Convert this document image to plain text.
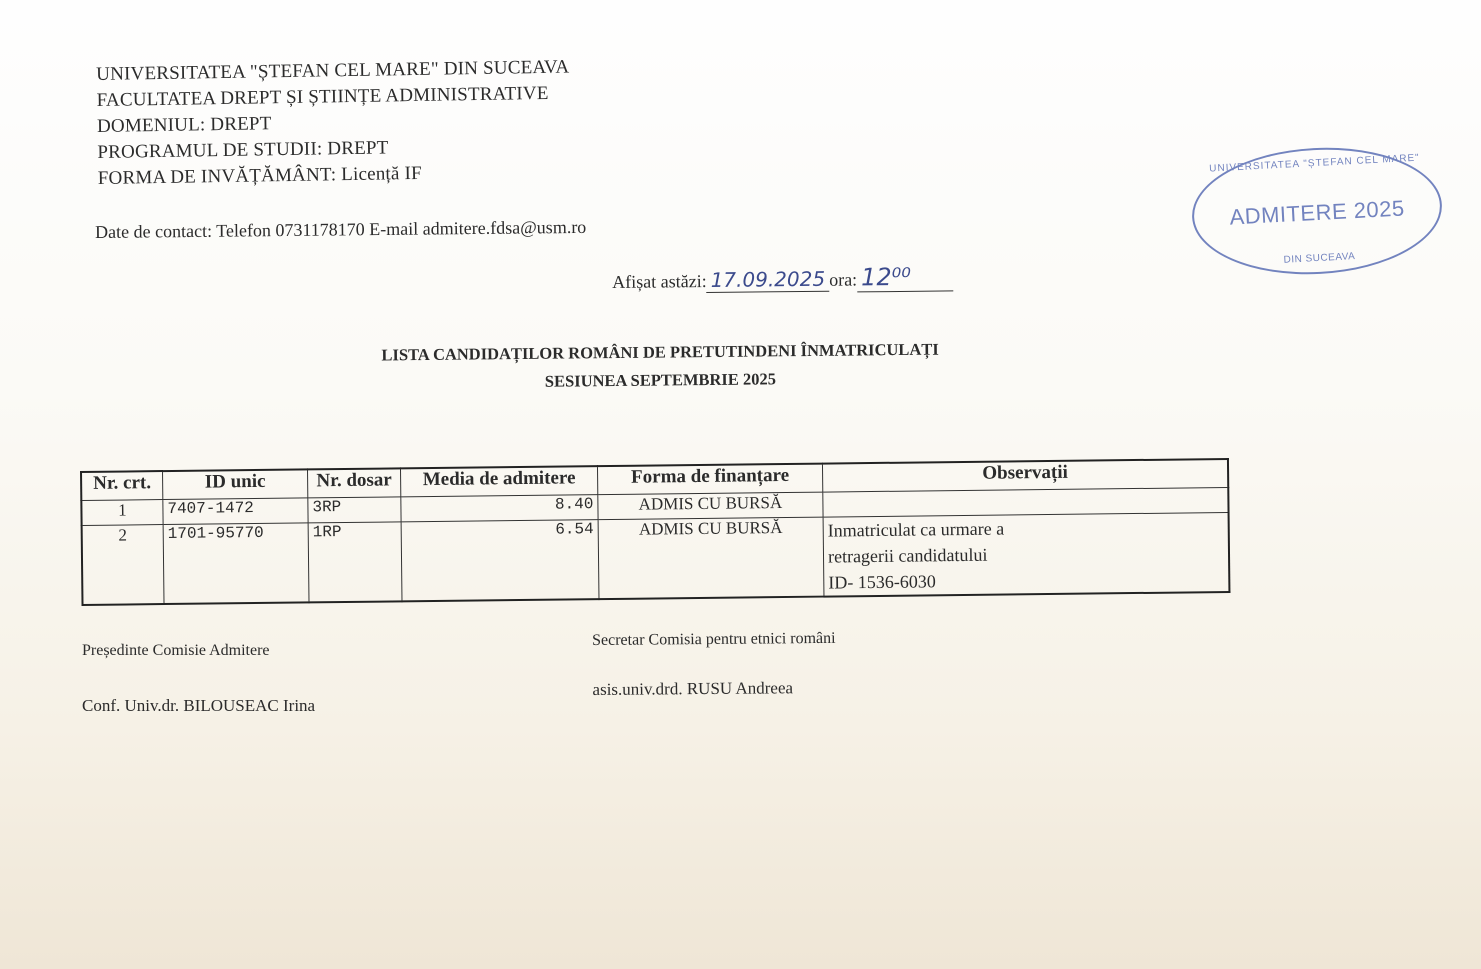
UNIVERSITATEA "ȘTEFAN CEL MARE" DIN SUCEAVA
FACULTATEA DREPT ȘI ȘTIINȚE ADMINISTRATIVE
DOMENIUL: DREPT
PROGRAMUL DE STUDII: DREPT
FORMA DE INVĂȚĂMÂNT: Licență IF
Date de contact: Telefon 0731178170 E-mail admitere.fdsa@usm.ro
Afișat astăzi: 17.09.2025 ora: 12⁰⁰
UNIVERSITATEA "ȘTEFAN CEL MARE"
ADMITERE 2025
DIN SUCEAVA
LISTA CANDIDAȚILOR ROMÂNI DE PRETUTINDENI ÎNMATRICULAȚI
SESIUNEA SEPTEMBRIE 2025
Nr. crt.	ID unic	Nr. dosar	Media de admitere	Forma de finanțare	Observații
1	7407-1472	3RP	8.40	ADMIS CU BURSĂ	
2	1701-95770	1RP	6.54	ADMIS CU BURSĂ	Inmatriculat ca urmare a
retragerii candidatului
ID- 1536-6030
Președinte Comisie Admitere
Conf. Univ.dr. BILOUSEAC Irina
Secretar Comisia pentru etnici români
asis.univ.drd. RUSU Andreea
